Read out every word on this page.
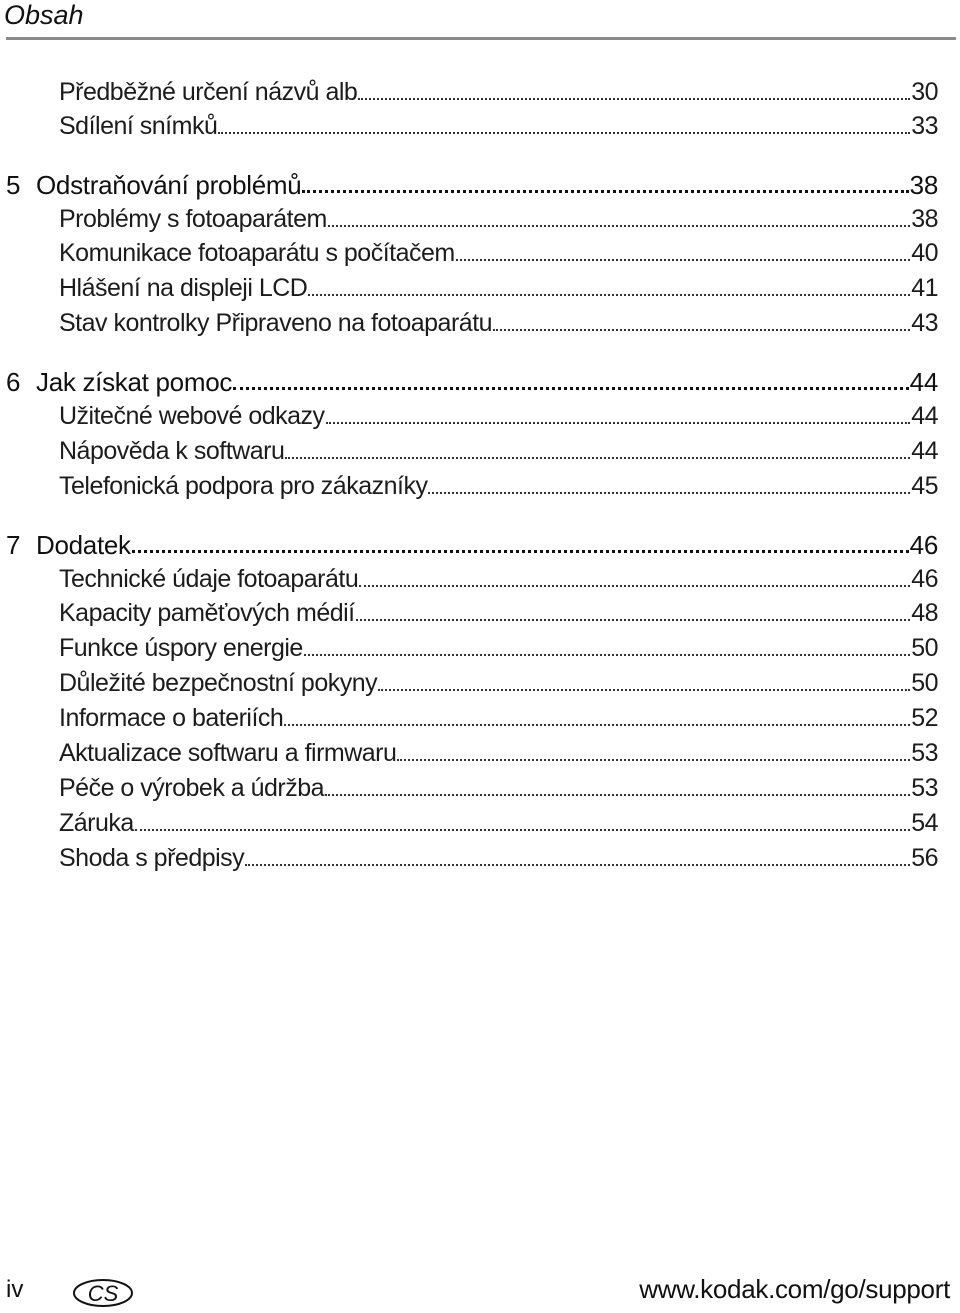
Obsah
Předběžné určení názvů alb	30
Sdílení snímků	33
5 Odstraňování problémů	38
Problémy s fotoaparátem	38
Komunikace fotoaparátu s počítačem	40
Hlášení na displeji LCD	41
Stav kontrolky Připraveno na fotoaparátu	43
6 Jak získat pomoc	44
Užitečné webové odkazy	44
Nápověda k softwaru	44
Telefonická podpora pro zákazníky	45
7 Dodatek	46
Technické údaje fotoaparátu	46
Kapacity paměťových médií	48
Funkce úspory energie	50
Důležité bezpečnostní pokyny	50
Informace o bateriích	52
Aktualizace softwaru a firmwaru	53
Péče o výrobek a údržba	53
Záruka	54
Shoda s předpisy	56
iv	CS	www.kodak.com/go/support
